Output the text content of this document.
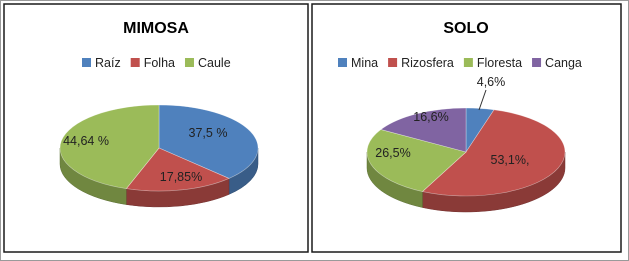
MIMOSA
Raíz Folha Caule
37,5 %
17,85%
44,64 %
SOLO
Mina Rizosfera Floresta Canga
4,6%
53,1%,
26,5%
16,6%
